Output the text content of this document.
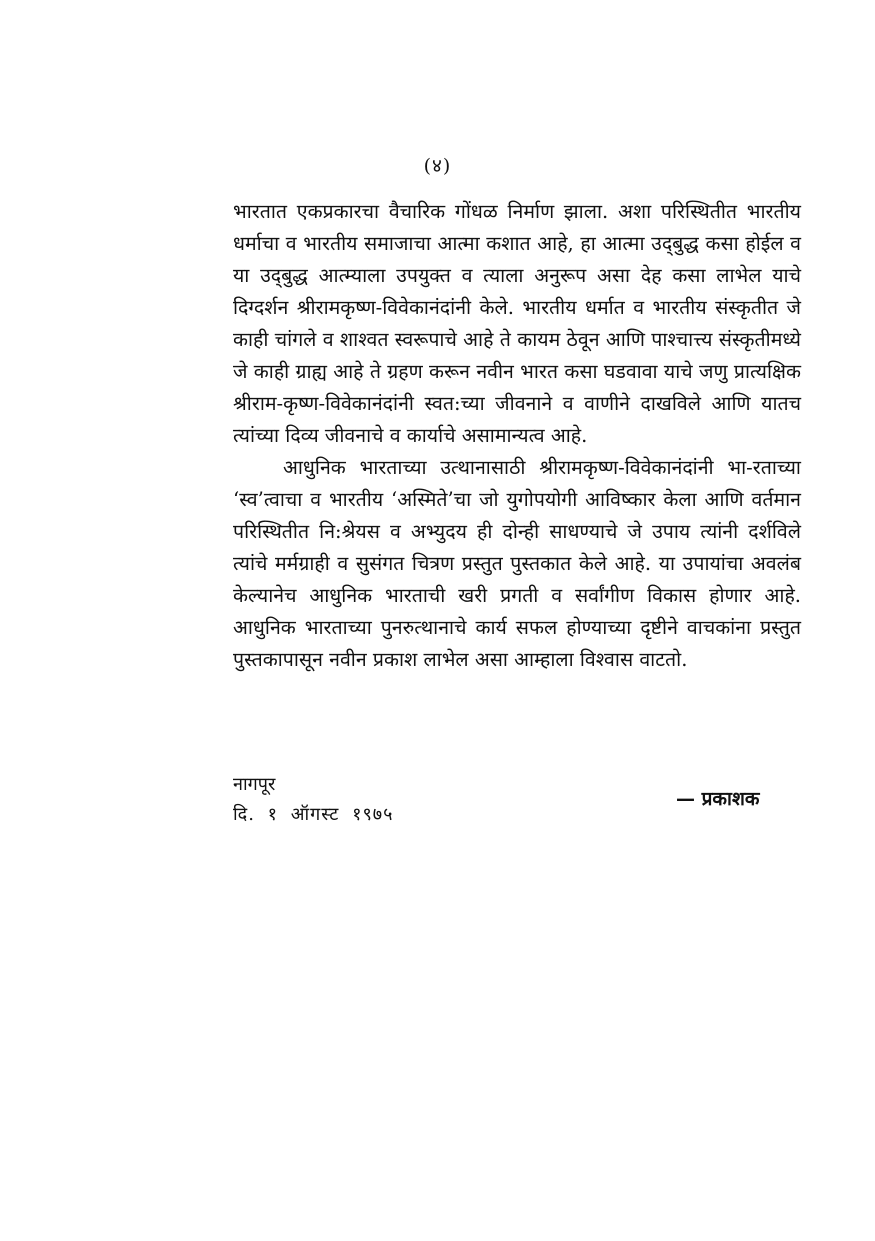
(४)

भारतात एकप्रकारचा वैचारिक गोंधळ निर्माण झाला. अशा परिस्थितीत भारतीय धर्माचा व भारतीय समाजाचा आत्मा कशात आहे, हा आत्मा उद्‌बुद्ध कसा होईल व या उद्‌बुद्ध आत्म्याला उपयुक्त व त्याला अनुरूप असा देह कसा लाभेल याचे दिग्दर्शन श्रीरामकृष्ण-विवेकानंदांनी केले. भारतीय धर्मात व भारतीय संस्कृतीत जे काही चांगले व शाश्वत स्वरूपाचे आहे ते कायम ठेवून आणि पाश्चात्त्य संस्कृतीमध्ये जे काही ग्राह्य आहे ते ग्रहण करून नवीन भारत कसा घडवावा याचे जणु प्रात्यक्षिक श्रीराम-कृष्ण-विवेकानंदांनी स्वत:च्या जीवनाने व वाणीने दाखविले आणि यातच त्यांच्या दिव्य जीवनाचे व कार्याचे असामान्यत्व आहे.

आधुनिक भारताच्या उत्थानासाठी श्रीरामकृष्ण-विवेकानंदांनी भा-रताच्या ‘स्व’त्वाचा व भारतीय ‘अस्मिते’चा जो युगोपयोगी आविष्कार केला आणि वर्तमान परिस्थितीत नि:श्रेयस व अभ्युदय ही दोन्ही साधण्याचे जे उपाय त्यांनी दर्शविले त्यांचे मर्मग्राही व सुसंगत चित्रण प्रस्तुत पुस्तकात केले आहे. या उपायांचा अवलंब केल्यानेच आधुनिक भारताची खरी प्रगती व सर्वांगीण विकास होणार आहे. आधुनिक भारताच्या पुनरुत्थानाचे कार्य सफल होण्याच्या दृष्टीने वाचकांना प्रस्तुत पुस्तकापासून नवीन प्रकाश लाभेल असा आम्हाला विश्वास वाटतो.

नागपूर
दि. १ ऑगस्ट १९७५
— प्रकाशक
